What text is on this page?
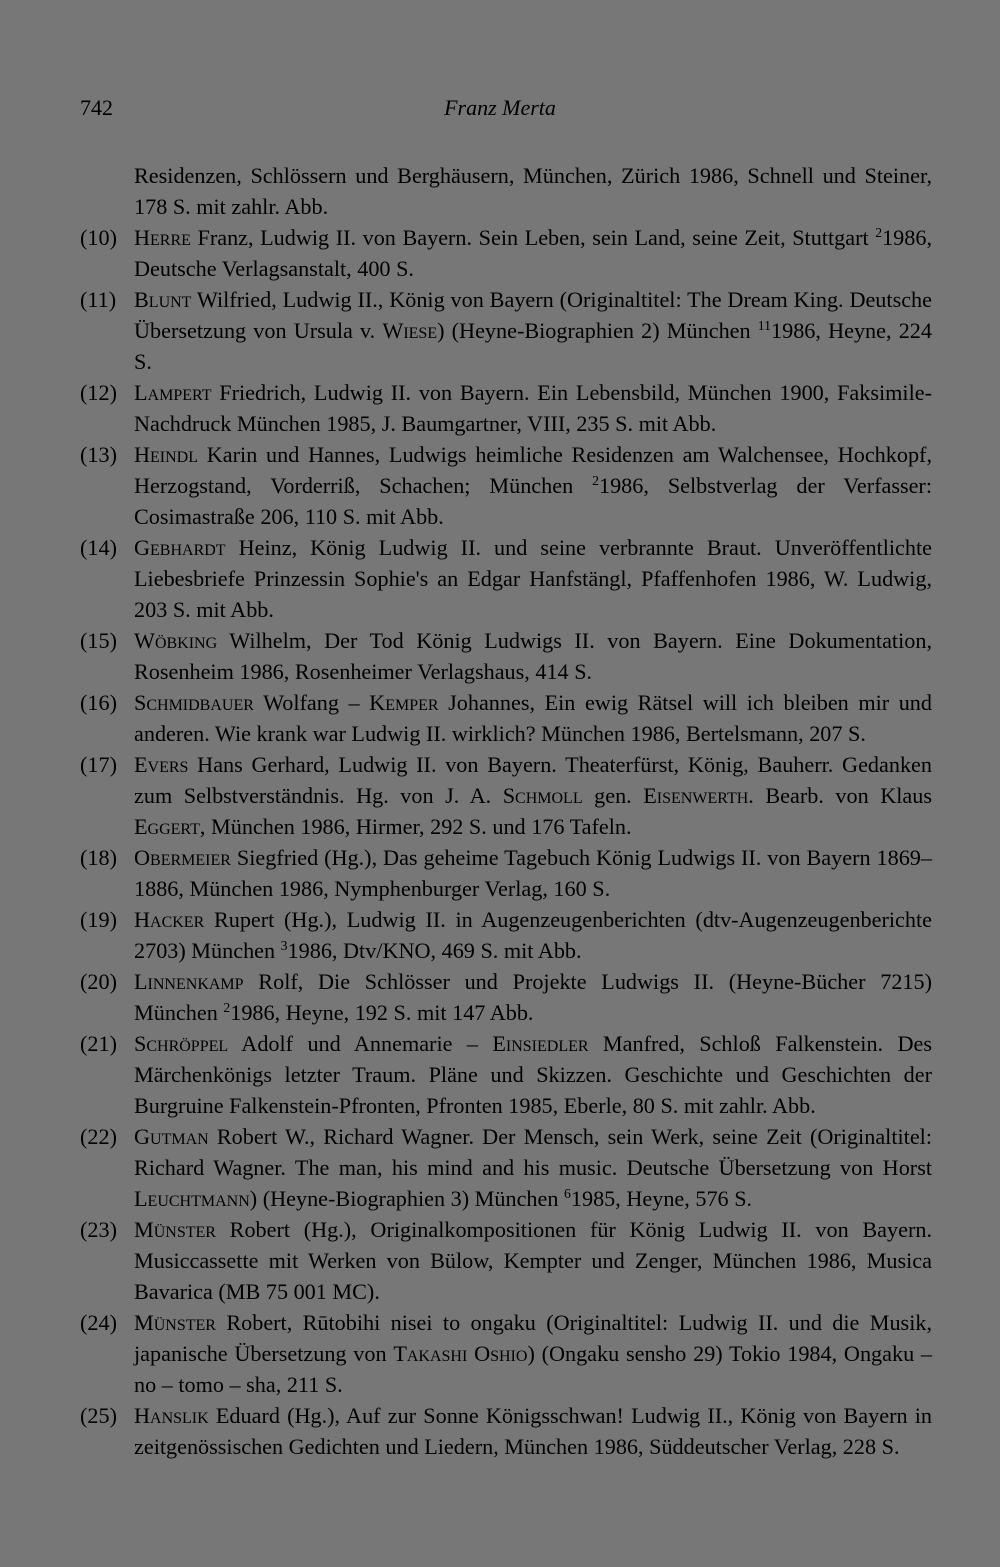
742	Franz Merta
Residenzen, Schlössern und Berghäusern, München, Zürich 1986, Schnell und Steiner, 178 S. mit zahlr. Abb.
(10) Herre Franz, Ludwig II. von Bayern. Sein Leben, sein Land, seine Zeit, Stuttgart $^2$1986, Deutsche Verlagsanstalt, 400 S.
(11) Blunt Wilfried, Ludwig II., König von Bayern (Originaltitel: The Dream King. Deutsche Übersetzung von Ursula v. Wiese) (Heyne-Biographien 2) München $^{11}$1986, Heyne, 224 S.
(12) Lampert Friedrich, Ludwig II. von Bayern. Ein Lebensbild, München 1900, Faksimile-Nachdruck München 1985, J. Baumgartner, VIII, 235 S. mit Abb.
(13) Heindl Karin und Hannes, Ludwigs heimliche Residenzen am Walchensee, Hochkopf, Herzogstand, Vorderriß, Schachen; München $^2$1986, Selbstverlag der Verfasser: Cosimastraße 206, 110 S. mit Abb.
(14) Gebhardt Heinz, König Ludwig II. und seine verbrannte Braut. Unveröffentlichte Liebesbriefe Prinzessin Sophie's an Edgar Hanfstängl, Pfaffenhofen 1986, W. Ludwig, 203 S. mit Abb.
(15) Wöbking Wilhelm, Der Tod König Ludwigs II. von Bayern. Eine Dokumentation, Rosenheim 1986, Rosenheimer Verlagshaus, 414 S.
(16) Schmidbauer Wolfang – Kemper Johannes, Ein ewig Rätsel will ich bleiben mir und anderen. Wie krank war Ludwig II. wirklich? München 1986, Bertelsmann, 207 S.
(17) Evers Hans Gerhard, Ludwig II. von Bayern. Theaterfürst, König, Bauherr. Gedanken zum Selbstverständnis. Hg. von J. A. Schmoll gen. Eisenwerth. Bearb. von Klaus Eggert, München 1986, Hirmer, 292 S. und 176 Tafeln.
(18) Obermeier Siegfried (Hg.), Das geheime Tagebuch König Ludwigs II. von Bayern 1869–1886, München 1986, Nymphenburger Verlag, 160 S.
(19) Hacker Rupert (Hg.), Ludwig II. in Augenzeugenberichten (dtv-Augenzeugenberichte 2703) München $^3$1986, Dtv/KNO, 469 S. mit Abb.
(20) Linnenkamp Rolf, Die Schlösser und Projekte Ludwigs II. (Heyne-Bücher 7215) München $^2$1986, Heyne, 192 S. mit 147 Abb.
(21) Schröppel Adolf und Annemarie – Einsiedler Manfred, Schloß Falkenstein. Des Märchenkönigs letzter Traum. Pläne und Skizzen. Geschichte und Geschichten der Burgruine Falkenstein-Pfronten, Pfronten 1985, Eberle, 80 S. mit zahlr. Abb.
(22) Gutman Robert W., Richard Wagner. Der Mensch, sein Werk, seine Zeit (Originaltitel: Richard Wagner. The man, his mind and his music. Deutsche Übersetzung von Horst Leuchtmann) (Heyne-Biographien 3) München $^6$1985, Heyne, 576 S.
(23) Münster Robert (Hg.), Originalkompositionen für König Ludwig II. von Bayern. Musiccassette mit Werken von Bülow, Kempter und Zenger, München 1986, Musica Bavarica (MB 75 001 MC).
(24) Münster Robert, Rūtobihi nisei to ongaku (Originaltitel: Ludwig II. und die Musik, japanische Übersetzung von Takashi Oshio) (Ongaku sensho 29) Tokio 1984, Ongaku – no – tomo – sha, 211 S.
(25) Hanslik Eduard (Hg.), Auf zur Sonne Königsschwan! Ludwig II., König von Bayern in zeitgenössischen Gedichten und Liedern, München 1986, Süddeutscher Verlag, 228 S.
